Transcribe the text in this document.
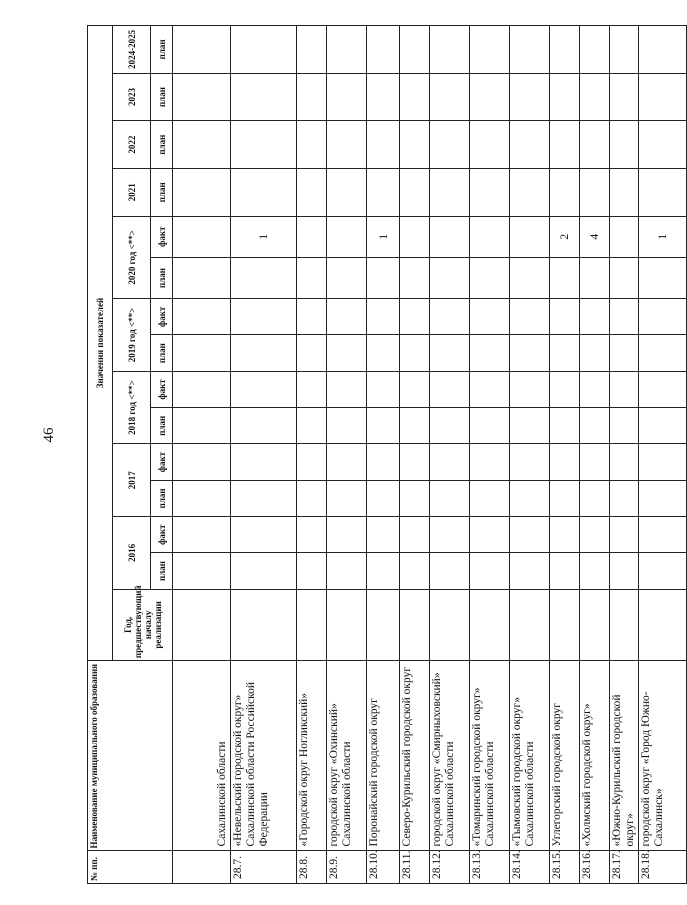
46
№ пп.	Наименование муниципального образования	Значения показателей														
		Год, предшествующий началу реализации	2016		2017		2018 год <**>		2019 год <**>		2020 год <**>		2021	2022	2023	2024-2025
			план	факт	план	факт	план	факт	план	факт	план	факт	план	план	план	план
	Сахалинской области															
28.7.	«Невельский городской округ» Сахалинской области Российской Федерации											1				
28.8.	«Городской округ Ногликский»															
28.9.	городской округ «Охинский» Сахалинской области															
28.10.	Поронайский городской округ											1				
28.11.	Северо-Курильский городской округ															
28.12.	городской округ «Смирныховский» Сахалинской области															
28.13.	«Томаринский городской округ» Сахалинской области															
28.14.	«Тымовский городской округ» Сахалинской области															
28.15.	Углегорский городской округ											2				
28.16.	«Холмский городской округ»											4				
28.17.	«Южно-Курильский городской округ»															
28.18.	городской округ «Город Южно-Сахалинск»											1				
